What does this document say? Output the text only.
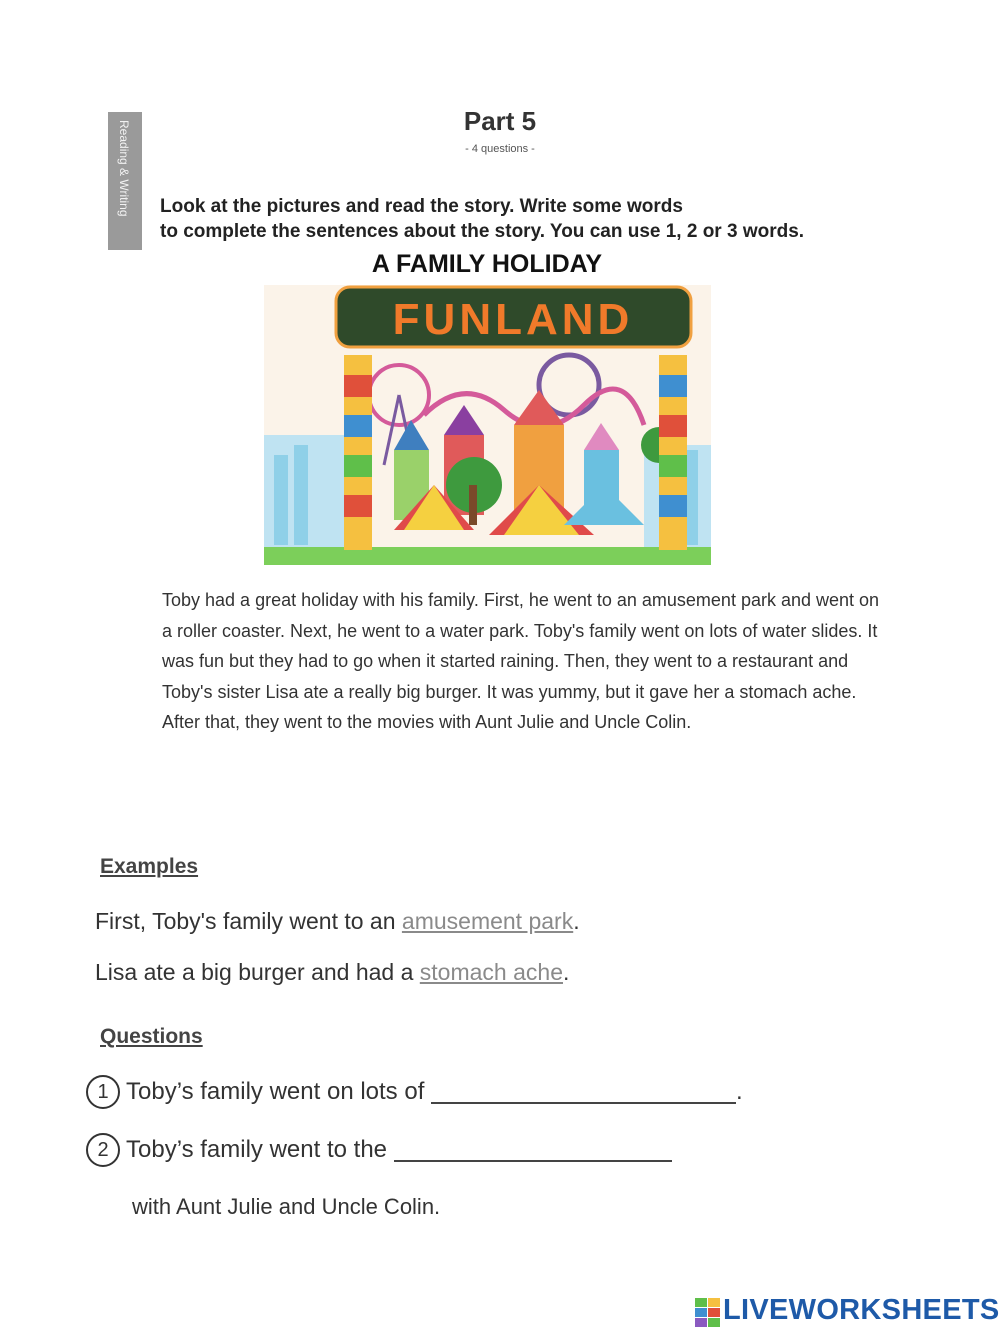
Reading & Writing	Part 5
- 4 questions -
Look at the pictures and read the story. Write some words
to complete the sentences about the story. You can use 1, 2 or 3 words.
A FAMILY HOLIDAY
FUNLAND
Toby had a great holiday with his family. First, he went to an amusement park and went on a roller coaster. Next, he went to a water park. Toby's family went on lots of water slides. It was fun but they had to go when it started raining. Then, they went to a restaurant and Toby's sister Lisa ate a really big burger. It was yummy, but it gave her a stomach ache. After that, they went to the movies with Aunt Julie and Uncle Colin.
Examples
First, Toby's family went to an amusement park.
Lisa ate a big burger and had a stomach ache.
Questions
1 Toby’s family went on lots of	.
2 Toby’s family went to the
with Aunt Julie and Uncle Colin.
LIVEWORKSHEETS
